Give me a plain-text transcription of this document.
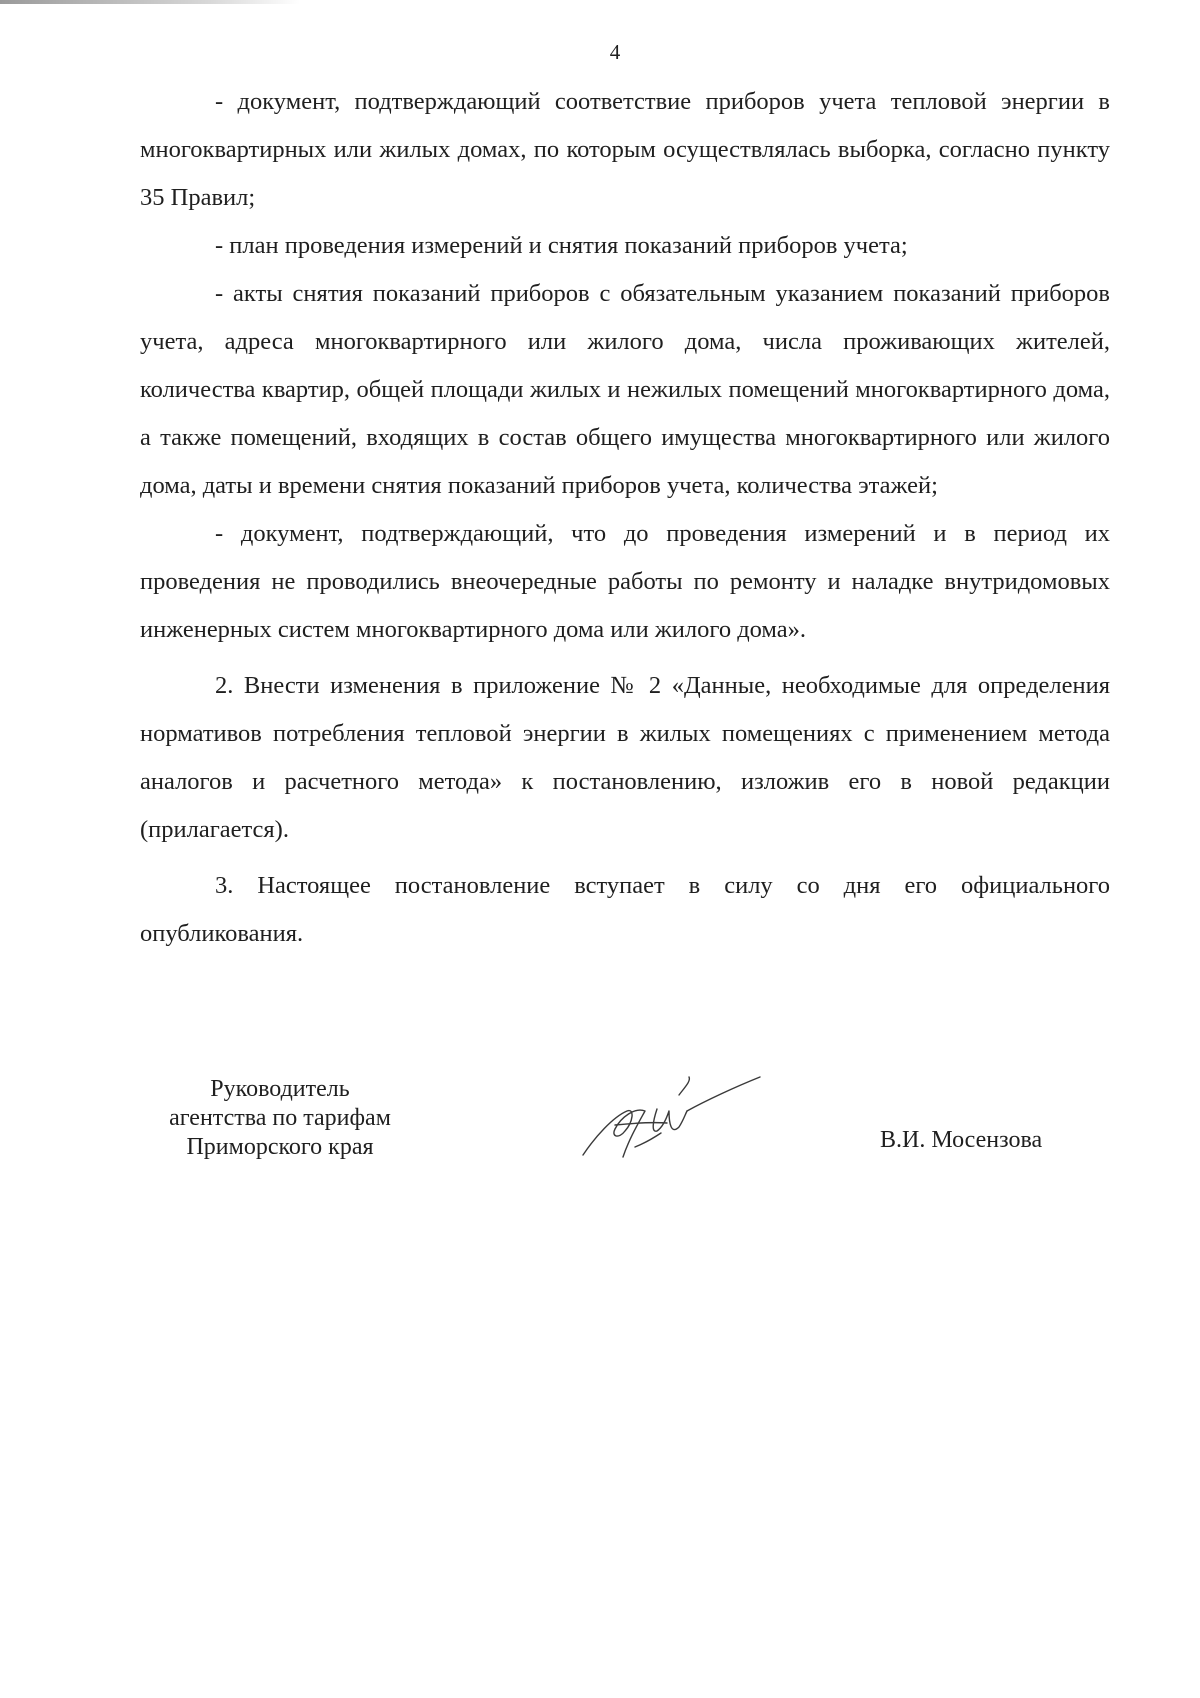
4

- документ, подтверждающий соответствие приборов учета тепловой энергии в многоквартирных или жилых домах, по которым осуществлялась выборка, согласно пункту 35 Правил;

- план проведения измерений и снятия показаний приборов учета;

- акты снятия показаний приборов с обязательным указанием показаний приборов учета, адреса многоквартирного или жилого дома, числа проживающих жителей, количества квартир, общей площади жилых и нежилых помещений многоквартирного дома, а также помещений, входящих в состав общего имущества многоквартирного или жилого дома, даты и времени снятия показаний приборов учета, количества этажей;

- документ, подтверждающий, что до проведения измерений и в период их проведения не проводились внеочередные работы по ремонту и наладке внутридомовых инженерных систем многоквартирного дома или жилого дома».

2. Внести изменения в приложение № 2 «Данные, необходимые для определения нормативов потребления тепловой энергии в жилых помещениях с применением метода аналогов и расчетного метода» к постановлению, изложив его в новой редакции (прилагается).

3. Настоящее постановление вступает в силу со дня его официального опубликования.

Руководитель
агентства по тарифам
Приморского края	В.И. Мосензова
